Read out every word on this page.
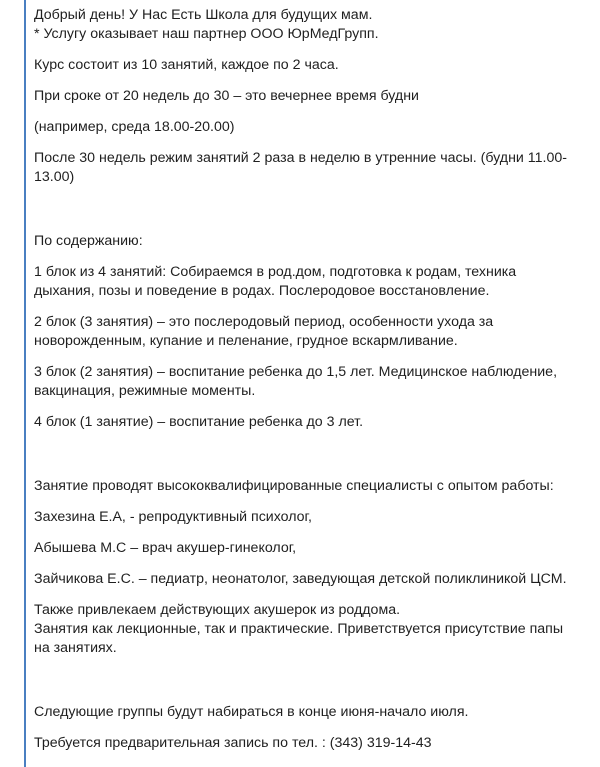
Добрый день! У Нас Есть Школа для будущих мам.

* Услугу оказывает наш партнер ООО ЮрМедГрупп.

Курс состоит из 10 занятий, каждое по 2 часа.

При сроке от 20 недель до 30 – это вечернее время будни

(например, среда 18.00-20.00)

После 30 недель режим занятий 2 раза в неделю в утренние часы. (будни 11.00-

13.00)

По содержанию:

1 блок из 4 занятий: Собираемся в род.дом, подготовка к родам, техника

дыхания, позы и поведение в родах. Послеродовое восстановление.

2 блок (3 занятия) – это послеродовый период, особенности ухода за

новорожденным, купание и пеленание, грудное вскармливание.

3 блок (2 занятия) – воспитание ребенка до 1,5 лет. Медицинское наблюдение,

вакцинация, режимные моменты.

4 блок (1 занятие) – воспитание ребенка до 3 лет.

Занятие проводят высококвалифицированные специалисты с опытом работы:

Захезина Е.А, - репродуктивный психолог,

Абышева М.С – врач акушер-гинеколог,

Зайчикова Е.С. – педиатр, неонатолог, заведующая детской поликлиникой ЦСМ.

Также привлекаем действующих акушерок из роддома.

Занятия как лекционные, так и практические. Приветствуется присутствие папы

на занятиях.

Следующие группы будут набираться в конце июня-начало июля.

Требуется предварительная запись по тел. : (343) 319-14-43
